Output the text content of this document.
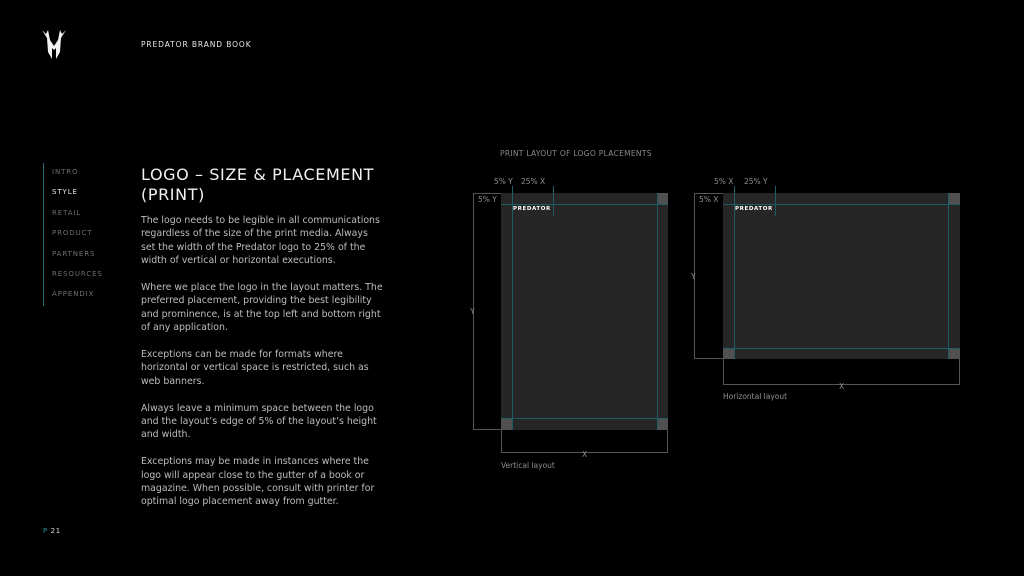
PREDATOR BRAND BOOK
INTRO
STYLE
RETAIL
PRODUCT
PARTNERS
RESOURCES
APPENDIX
LOGO – SIZE & PLACEMENT
(PRINT)

The logo needs to be legible in all communications regardless of the size of the print media. Always set the width of the Predator logo to 25% of the width of vertical or horizontal executions.

Where we place the logo in the layout matters. The preferred placement, providing the best legibility and prominence, is at the top left and bottom right of any application.

Exceptions can be made for formats where horizontal or vertical space is restricted, such as web banners.

Always leave a minimum space between the logo and the layout’s edge of 5% of the layout’s height and width.

Exceptions may be made in instances where the logo will appear close to the gutter of a book or magazine. When possible, consult with printer for optimal logo placement away from gutter.

PRINT LAYOUT OF LOGO PLACEMENTS
5% Y 25% X
5% Y
PREDATOR
Y
X
Vertical layout
5% X 25% Y
5% X
PREDATOR
Y
X
Horizontal layout
P 21
